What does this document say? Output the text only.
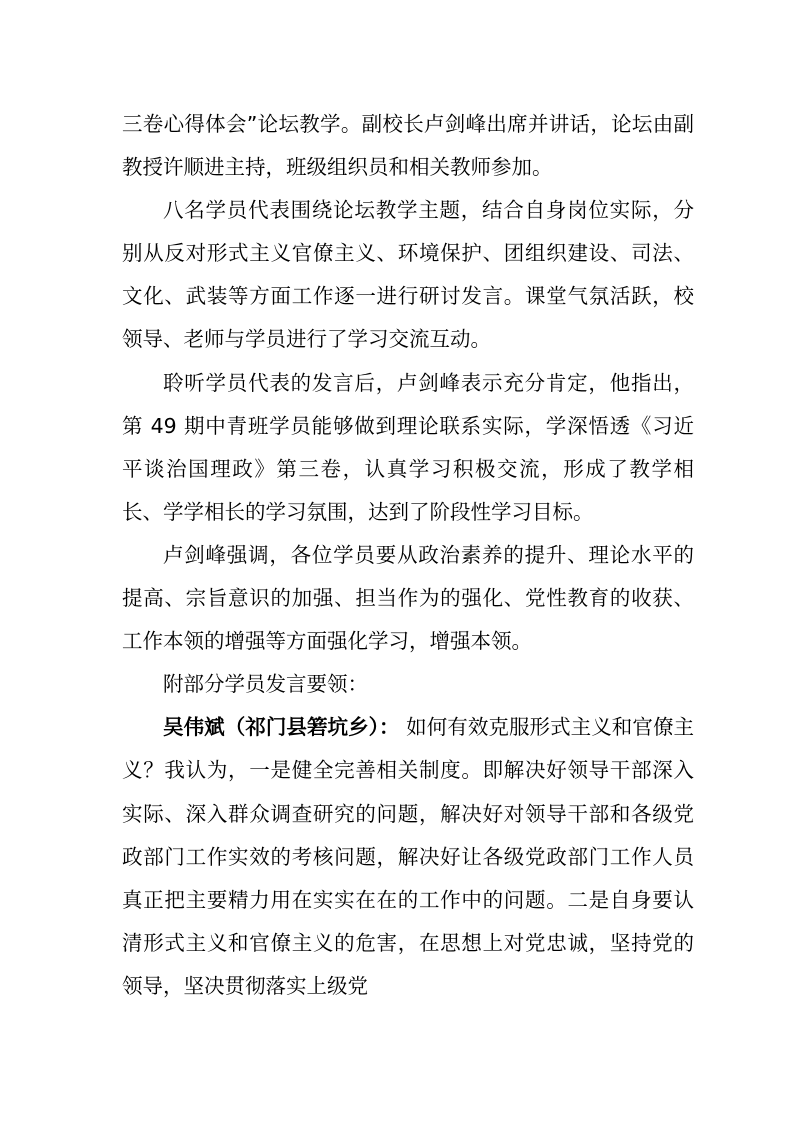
三卷心得体会”论坛教学。副校长卢剑峰出席并讲话，论坛由副教授许顺进主持，班级组织员和相关教师参加。

八名学员代表围绕论坛教学主题，结合自身岗位实际，分别从反对形式主义官僚主义、环境保护、团组织建设、司法、文化、武装等方面工作逐一进行研讨发言。课堂气氛活跃，校领导、老师与学员进行了学习交流互动。

聆听学员代表的发言后，卢剑峰表示充分肯定，他指出，第 49 期中青班学员能够做到理论联系实际，学深悟透《习近平谈治国理政》第三卷，认真学习积极交流，形成了教学相长、学学相长的学习氛围，达到了阶段性学习目标。

卢剑峰强调，各位学员要从政治素养的提升、理论水平的提高、宗旨意识的加强、担当作为的强化、党性教育的收获、工作本领的增强等方面强化学习，增强本领。

附部分学员发言要领：

吴伟斌（祁门县箬坑乡）： 如何有效克服形式主义和官僚主义？我认为，一是健全完善相关制度。即解决好领导干部深入实际、深入群众调查研究的问题，解决好对领导干部和各级党政部门工作实效的考核问题，解决好让各级党政部门工作人员真正把主要精力用在实实在在的工作中的问题。二是自身要认清形式主义和官僚主义的危害，在思想上对党忠诚，坚持党的领导，坚决贯彻落实上级党
